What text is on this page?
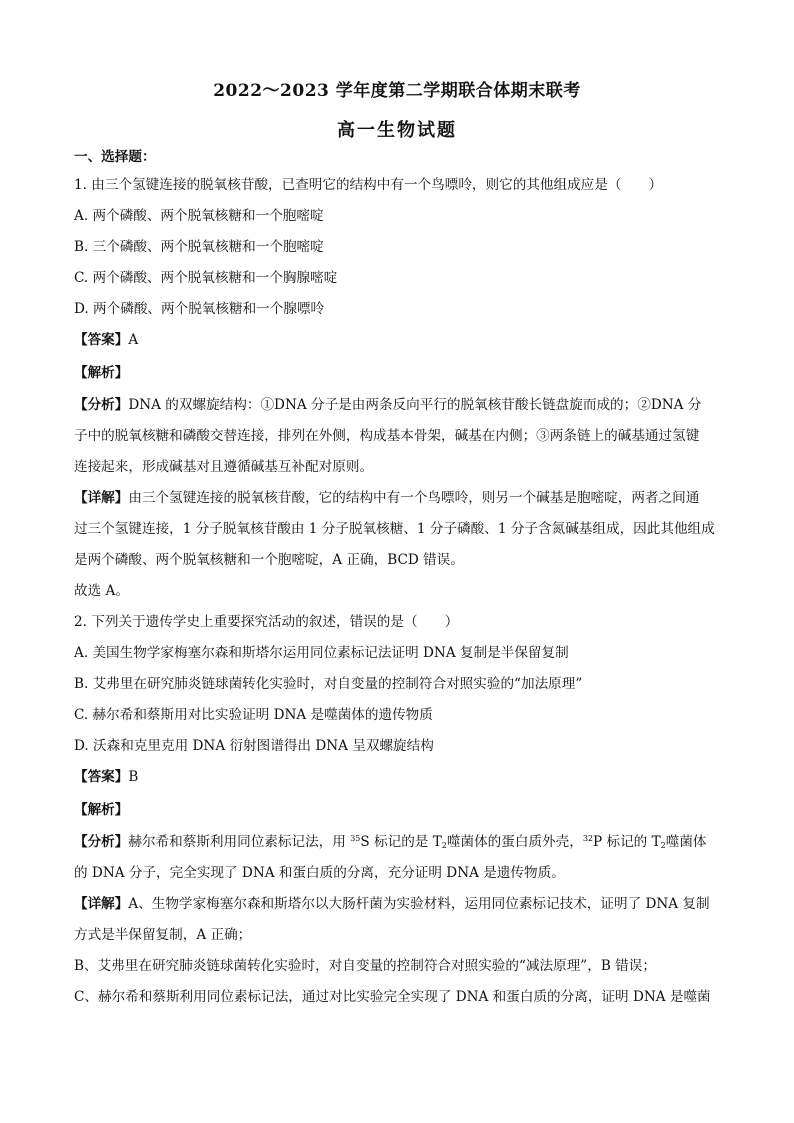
2022～2023 学年度第二学期联合体期末联考
高一生物试题
一、选择题：
1. 由三个氢键连接的脱氧核苷酸，已查明它的结构中有一个鸟嘌呤，则它的其他组成应是（　　）
A. 两个磷酸、两个脱氧核糖和一个胞嘧啶
B. 三个磷酸、两个脱氧核糖和一个胞嘧啶
C. 两个磷酸、两个脱氧核糖和一个胸腺嘧啶
D. 两个磷酸、两个脱氧核糖和一个腺嘌呤
【答案】A
【解析】
【分析】DNA 的双螺旋结构：①DNA 分子是由两条反向平行的脱氧核苷酸长链盘旋而成的；②DNA 分
子中的脱氧核糖和磷酸交替连接，排列在外侧，构成基本骨架，碱基在内侧；③两条链上的碱基通过氢键
连接起来，形成碱基对且遵循碱基互补配对原则。
【详解】由三个氢键连接的脱氧核苷酸，它的结构中有一个鸟嘌呤，则另一个碱基是胞嘧啶，两者之间通
过三个氢键连接，1 分子脱氧核苷酸由 1 分子脱氧核糖、1 分子磷酸、1 分子含氮碱基组成，因此其他组成
是两个磷酸、两个脱氧核糖和一个胞嘧啶，A 正确，BCD 错误。
故选 A。
2. 下列关于遗传学史上重要探究活动的叙述，错误的是（　　）
A. 美国生物学家梅塞尔森和斯塔尔运用同位素标记法证明 DNA 复制是半保留复制
B. 艾弗里在研究肺炎链球菌转化实验时，对自变量的控制符合对照实验的“加法原理”
C. 赫尔希和蔡斯用对比实验证明 DNA 是噬菌体的遗传物质
D. 沃森和克里克用 DNA 衍射图谱得出 DNA 呈双螺旋结构
【答案】B
【解析】
【分析】赫尔希和蔡斯利用同位素标记法，用 $^{35}$S 标记的是 $T_2$噬菌体的蛋白质外壳，$^{32}$P 标记的 $T_2$噬菌体
的 DNA 分子，完全实现了 DNA 和蛋白质的分离，充分证明 DNA 是遗传物质。
【详解】A、生物学家梅塞尔森和斯塔尔以大肠杆菌为实验材料，运用同位素标记技术，证明了 DNA 复制
方式是半保留复制，A 正确；
B、艾弗里在研究肺炎链球菌转化实验时，对自变量的控制符合对照实验的“减法原理”，B 错误；
C、赫尔希和蔡斯利用同位素标记法，通过对比实验完全实现了 DNA 和蛋白质的分离，证明 DNA 是噬菌
